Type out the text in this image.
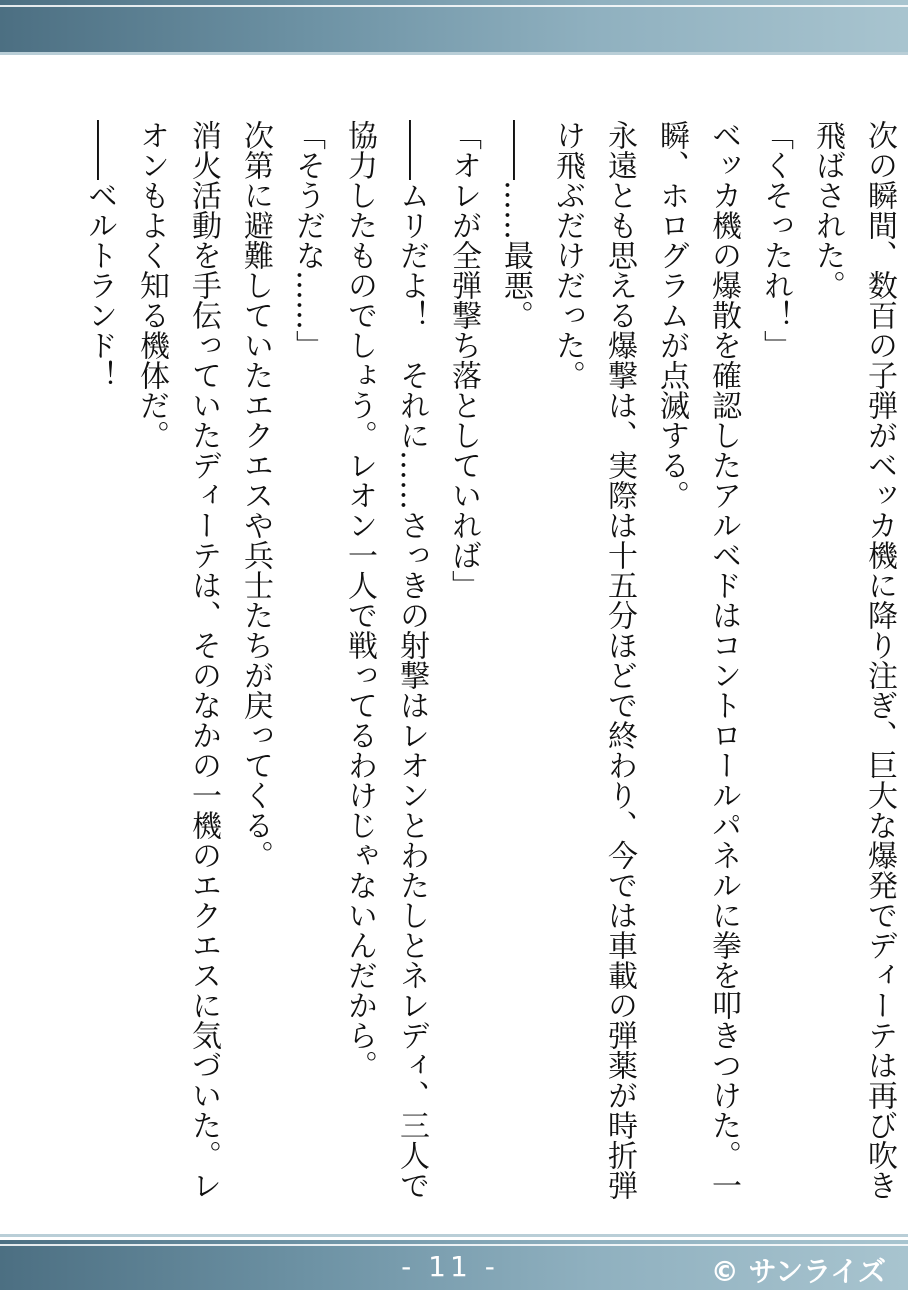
次の瞬間、数百の子弾がベッカ機に降り注ぎ、巨大な爆発でディーテは再び吹き飛ばされた。

「くそったれ！」

ベッカ機の爆散を確認したアルベドはコントロールパネルに拳を叩きつけた。一瞬、ホログラムが点滅する。

永遠とも思える爆撃は、実際は十五分ほどで終わり、今では車載の弾薬が時折弾け飛ぶだけだった。

――……最悪。

「オレが全弾撃ち落としていれば」

――ムリだよ！　それに……さっきの射撃はレオンとわたしとネレディ、三人で協力したものでしょう。レオン一人で戦ってるわけじゃないんだから。

「そうだな……」

次第に避難していたエクエスや兵士たちが戻ってくる。

消火活動を手伝っていたディーテは、そのなかの一機のエクエスに気づいた。レオンもよく知る機体だ。

――ベルトランド！

- 11 -	© サンライズ
